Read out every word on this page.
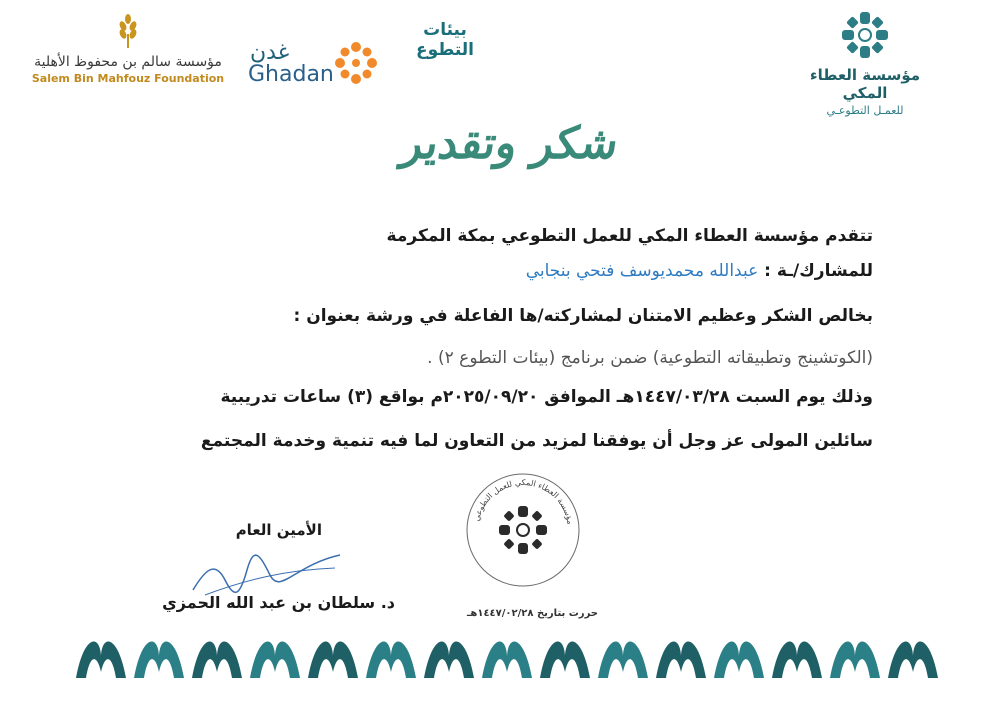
مؤسسة العطاء المكي
للعمـل التطوعـي
بيئات
التطوع
غدن
Ghadan
مؤسسة سالم بن محفوظ الأهلية
Salem Bin Mahfouz Foundation
شكر وتقدير
تتقدم مؤسسة العطاء المكي للعمل التطوعي بمكة المكرمة
للمشارك/ـة : عبدالله محمديوسف فتحي بنجابي
بخالص الشكر وعظيم الامتنان لمشاركته/ها الفاعلة في ورشة بعنوان :
(الكوتشينج وتطبيقاته التطوعية) ضمن برنامج (بيئات التطوع ٢) .
وذلك يوم السبت ١٤٤٧/٠٣/٢٨هـ الموافق ٢٠٢٥/٠٩/٢٠م بواقع (٣) ساعات تدريبية
سائلين المولى عز وجل أن يوفقنا لمزيد من التعاون لما فيه تنمية وخدمة المجتمع
مؤسسة العطاء المكي للعمل التطوعي
الأمين العام
د. سلطان بن عبد الله الحمزي
حررت بتاريخ ١٤٤٧/٠٢/٢٨هـ
